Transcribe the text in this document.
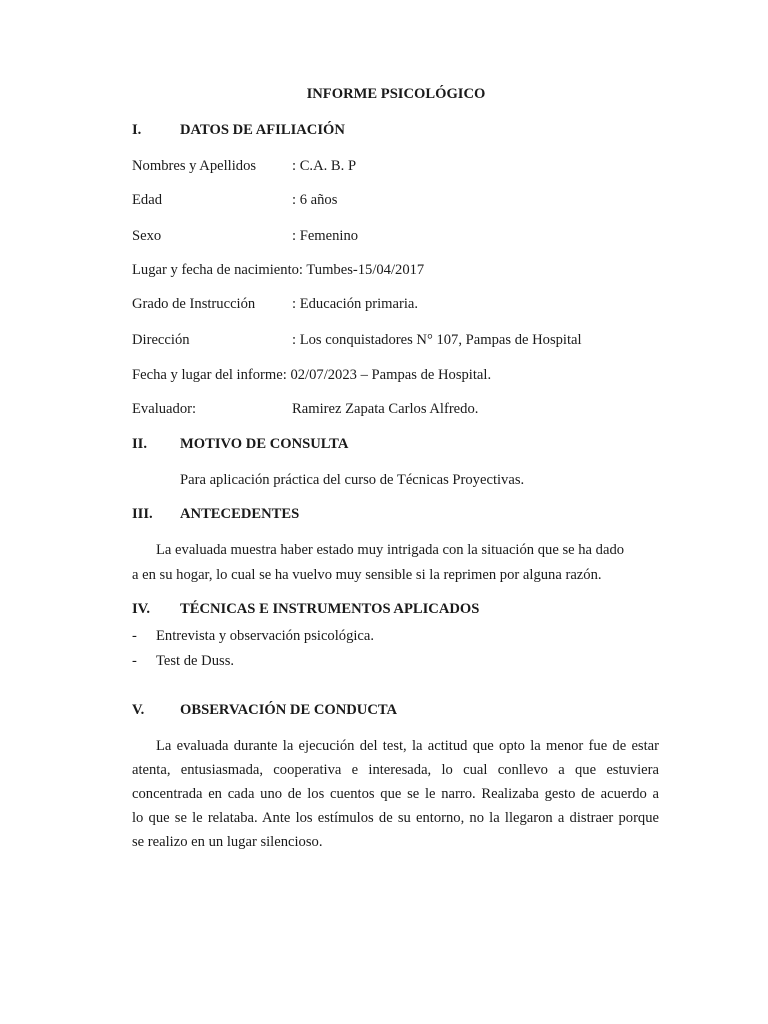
INFORME PSICOLÓGICO
I.	DATOS DE AFILIACIÓN
Nombres y Apellidos : C.A. B. P
Edad	: 6 años
Sexo	: Femenino
Lugar y fecha de nacimiento: Tumbes-15/04/2017
Grado de Instrucción	: Educación primaria.
Dirección	: Los conquistadores N° 107, Pampas de Hospital
Fecha y lugar del informe: 02/07/2023 – Pampas de Hospital.
Evaluador:	Ramirez Zapata Carlos Alfredo.
II. MOTIVO DE CONSULTA
Para aplicación práctica del curso de Técnicas Proyectivas.
III. ANTECEDENTES
La evaluada muestra haber estado muy intrigada con la situación que se ha dado
a en su hogar, lo cual se ha vuelvo muy sensible si la reprimen por alguna razón.
IV. TÉCNICAS E INSTRUMENTOS APLICADOS
- Entrevista y observación psicológica.
- Test de Duss.
V. OBSERVACIÓN DE CONDUCTA
La evaluada durante la ejecución del test, la actitud que opto la menor fue de estar
atenta, entusiasmada, cooperativa e interesada, lo cual conllevo a que estuviera
concentrada en cada uno de los cuentos que se le narro. Realizaba gesto de acuerdo a
lo que se le relataba. Ante los estímulos de su entorno, no la llegaron a distraer porque
se realizo en un lugar silencioso.
